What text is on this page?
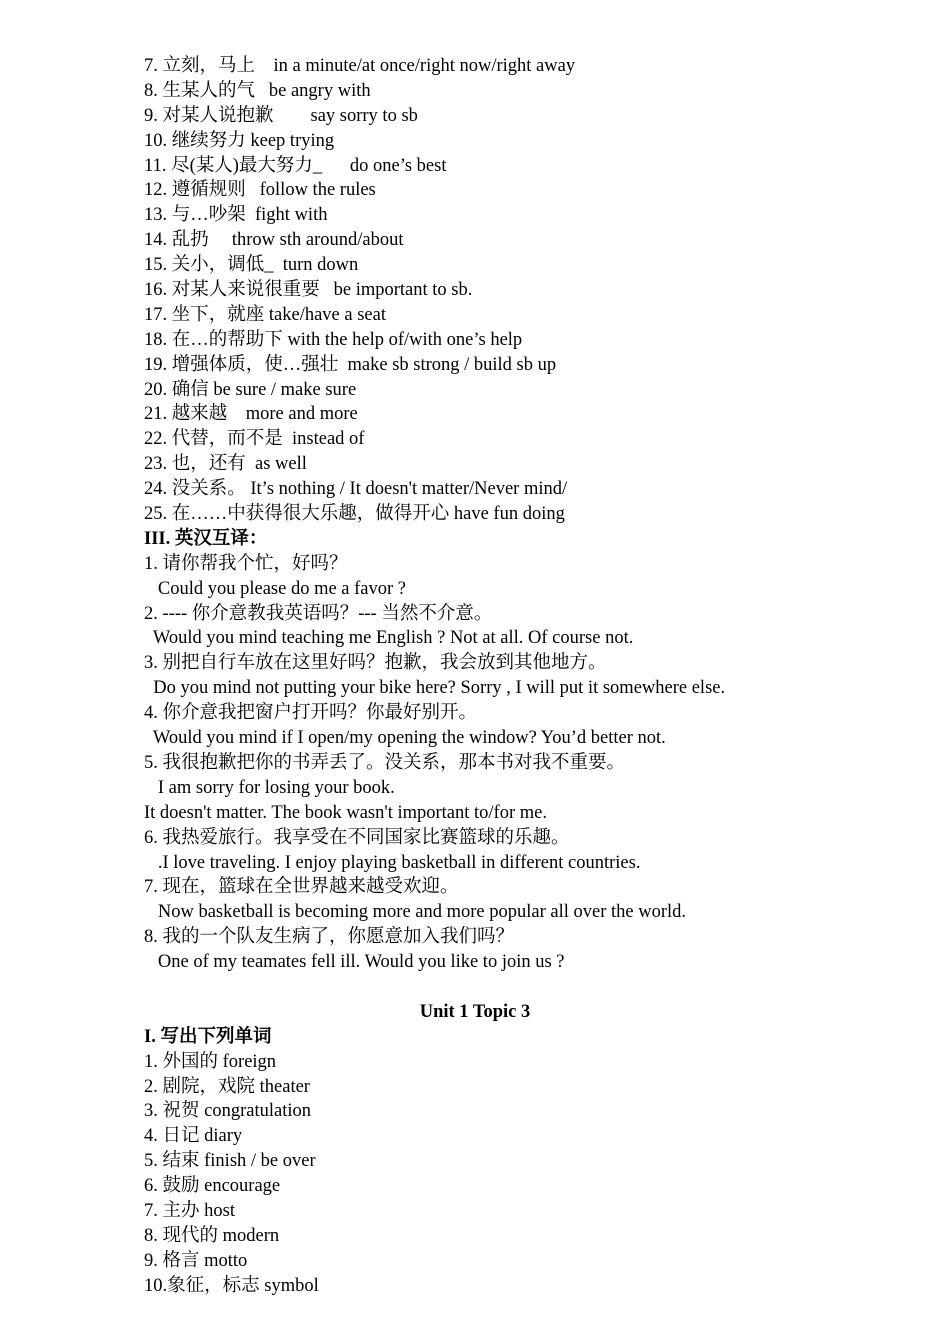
7. 立刻，马上    in a minute/at once/right now/right away
8. 生某人的气   be angry with
9. 对某人说抱歉        say sorry to sb
10. 继续努力 keep trying
11. 尽(某人)最大努力_      do one’s best
12. 遵循规则   follow the rules
13. 与…吵架  fight with
14. 乱扔     throw sth around/about
15. 关小，调低_  turn down
16. 对某人来说很重要   be important to sb.
17. 坐下，就座 take/have a seat
18. 在…的帮助下 with the help of/with one’s help
19. 增强体质，使…强壮  make sb strong / build sb up
20. 确信 be sure / make sure
21. 越来越    more and more
22. 代替，而不是  instead of
23. 也，还有  as well
24. 没关系。 It’s nothing / It doesn't matter/Never mind/
25. 在……中获得很大乐趣，做得开心 have fun doing
III. 英汉互译：
1. 请你帮我个忙，好吗？
Could you please do me a favor ?
2. ---- 你介意教我英语吗？--- 当然不介意。
Would you mind teaching me English ? Not at all. Of course not.
3. 别把自行车放在这里好吗？抱歉，我会放到其他地方。
Do you mind not putting your bike here? Sorry , I will put it somewhere else.
4. 你介意我把窗户打开吗？你最好别开。
Would you mind if I open/my opening the window? You’d better not.
5. 我很抱歉把你的书弄丢了。没关系，那本书对我不重要。
I am sorry for losing your book.
It doesn't matter. The book wasn't important to/for me.
6. 我热爱旅行。我享受在不同国家比赛篮球的乐趣。
.I love traveling. I enjoy playing basketball in different countries.
7. 现在，篮球在全世界越来越受欢迎。
Now basketball is becoming more and more popular all over the world.
8. 我的一个队友生病了，你愿意加入我们吗？
One of my teamates fell ill. Would you like to join us ?
Unit 1 Topic 3
I. 写出下列单词
1. 外国的 foreign
2. 剧院，戏院 theater
3. 祝贺 congratulation
4. 日记 diary
5. 结束 finish / be over
6. 鼓励 encourage
7. 主办 host
8. 现代的 modern
9. 格言 motto
10.象征，标志 symbol
